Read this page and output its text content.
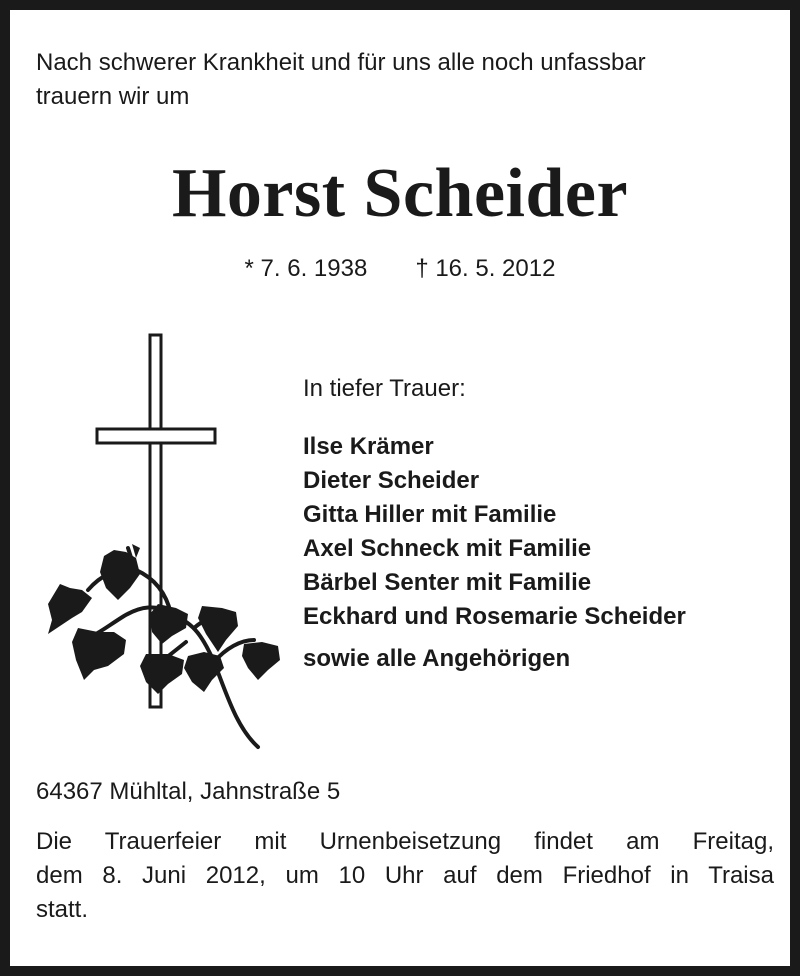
Nach schwerer Krankheit und für uns alle noch unfassbar
trauern wir um

Horst Scheider
* 7. 6. 1938 † 16. 5. 2012

In tiefer Trauer:

Ilse Krämer
Dieter Scheider
Gitta Hiller mit Familie
Axel Schneck mit Familie
Bärbel Senter mit Familie
Eckhard und Rosemarie Scheider

sowie alle Angehörigen

64367 Mühltal, Jahnstraße 5

Die Trauerfeier mit Urnenbeisetzung findet am Freitag,
dem 8. Juni 2012, um 10 Uhr auf dem Friedhof in Traisa
statt.
